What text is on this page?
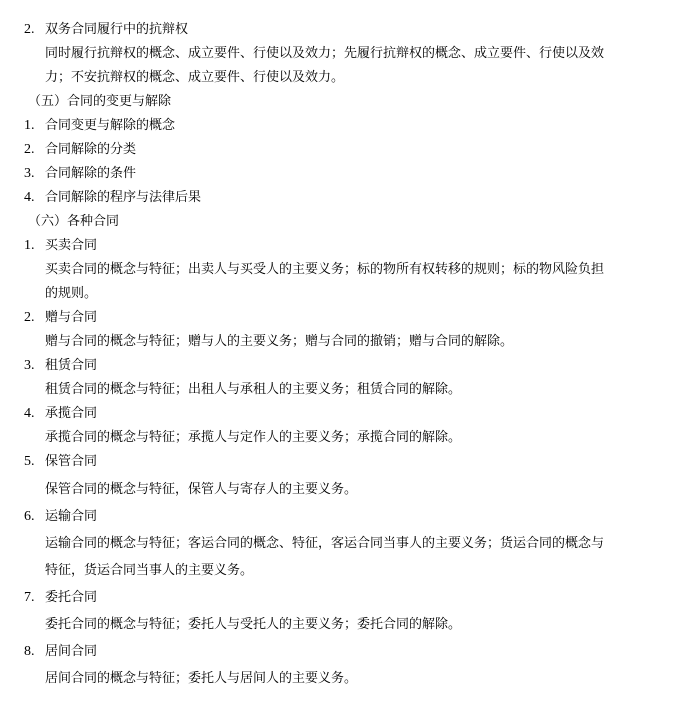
2. 双务合同履行中的抗辩权
同时履行抗辩权的概念、成立要件、行使以及效力；先履行抗辩权的概念、成立要件、行使以及效
力；不安抗辩权的概念、成立要件、行使以及效力。
（五）合同的变更与解除
1. 合同变更与解除的概念
2. 合同解除的分类
3. 合同解除的条件
4. 合同解除的程序与法律后果
（六）各种合同
1. 买卖合同
买卖合同的概念与特征；出卖人与买受人的主要义务；标的物所有权转移的规则；标的物风险负担
的规则。
2. 赠与合同
赠与合同的概念与特征；赠与人的主要义务；赠与合同的撤销；赠与合同的解除。
3. 租赁合同
租赁合同的概念与特征；出租人与承租人的主要义务；租赁合同的解除。
4. 承揽合同
承揽合同的概念与特征；承揽人与定作人的主要义务；承揽合同的解除。
5. 保管合同
保管合同的概念与特征，保管人与寄存人的主要义务。
6. 运输合同
运输合同的概念与特征；客运合同的概念、特征，客运合同当事人的主要义务；货运合同的概念与
特征，货运合同当事人的主要义务。
7. 委托合同
委托合同的概念与特征；委托人与受托人的主要义务；委托合同的解除。
8. 居间合同
居间合同的概念与特征；委托人与居间人的主要义务。
